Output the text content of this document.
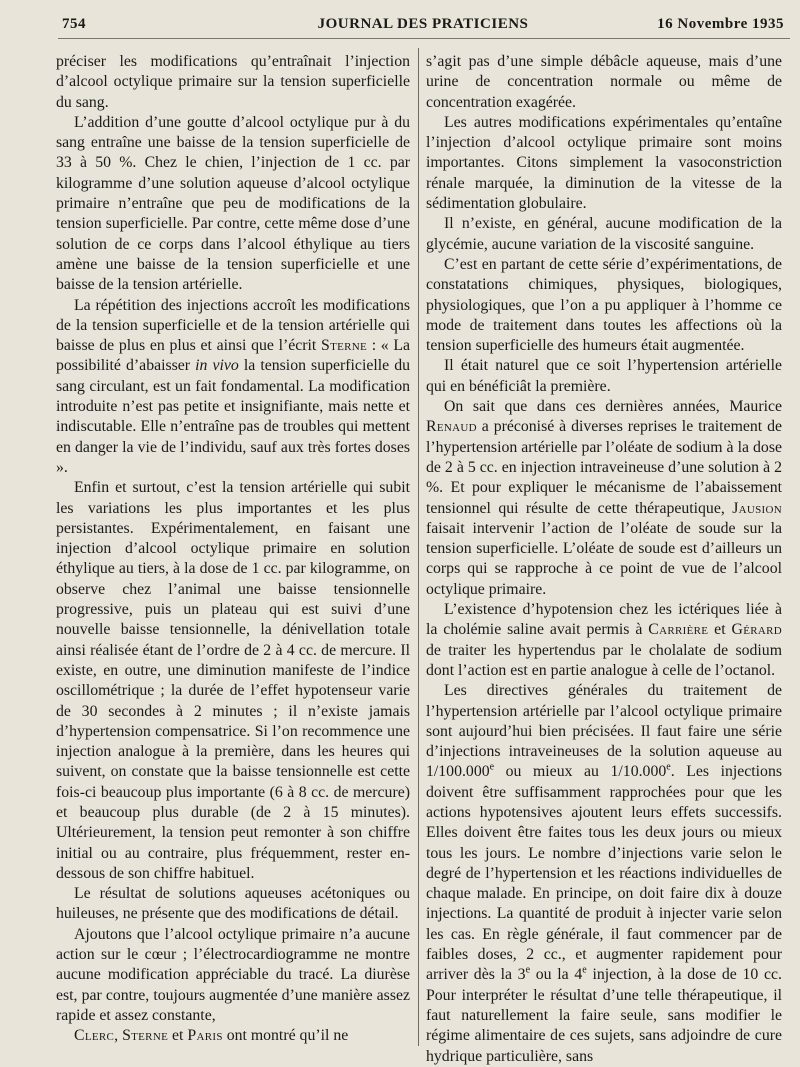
754	JOURNAL DES PRATICIENS	16 Novembre 1935

préciser les modifications qu’entraînait l’injection d’alcool octylique primaire sur la tension superficielle du sang.

L’addition d’une goutte d’alcool octylique pur à du sang entraîne une baisse de la tension superficielle de 33 à 50 %. Chez le chien, l’injection de 1 cc. par kilogramme d’une solution aqueuse d’alcool octylique primaire n’entraîne que peu de modifications de la tension superficielle. Par contre, cette même dose d’une solution de ce corps dans l’alcool éthylique au tiers amène une baisse de la tension superficielle et une baisse de la tension artérielle.

La répétition des injections accroît les modifications de la tension superficielle et de la tension artérielle qui baisse de plus en plus et ainsi que l’écrit Sterne : « La possibilité d’abaisser in vivo la tension superficielle du sang circulant, est un fait fondamental. La modification introduite n’est pas petite et insignifiante, mais nette et indiscutable. Elle n’entraîne pas de troubles qui mettent en danger la vie de l’individu, sauf aux très fortes doses ».

Enfin et surtout, c’est la tension artérielle qui subit les variations les plus importantes et les plus persistantes. Expérimentalement, en faisant une injection d’alcool octylique primaire en solution éthylique au tiers, à la dose de 1 cc. par kilogramme, on observe chez l’animal une baisse tensionnelle progressive, puis un plateau qui est suivi d’une nouvelle baisse tensionnelle, la dénivellation totale ainsi réalisée étant de l’ordre de 2 à 4 cc. de mercure. Il existe, en outre, une diminution manifeste de l’indice oscillométrique ; la durée de l’effet hypotenseur varie de 30 secondes à 2 minutes ; il n’existe jamais d’hypertension compensatrice. Si l’on recommence une injection analogue à la première, dans les heures qui suivent, on constate que la baisse tensionnelle est cette fois-ci beaucoup plus importante (6 à 8 cc. de mercure) et beaucoup plus durable (de 2 à 15 minutes). Ultérieurement, la tension peut remonter à son chiffre initial ou au contraire, plus fréquemment, rester en-dessous de son chiffre habituel.

Le résultat de solutions aqueuses acétoniques ou huileuses, ne présente que des modifications de détail.

Ajoutons que l’alcool octylique primaire n’a aucune action sur le cœur ; l’électrocardiogramme ne montre aucune modification appréciable du tracé. La diurèse est, par contre, toujours augmentée d’une manière assez rapide et assez constante,

Clerc, Sterne et Paris ont montré qu’il ne

s’agit pas d’une simple débâcle aqueuse, mais d’une urine de concentration normale ou même de concentration exagérée.

Les autres modifications expérimentales qu’entaîne l’injection d’alcool octylique primaire sont moins importantes. Citons simplement la vasoconstriction rénale marquée, la diminution de la vitesse de la sédimentation globulaire.

Il n’existe, en général, aucune modification de la glycémie, aucune variation de la viscosité sanguine.

C’est en partant de cette série d’expérimentations, de constatations chimiques, physiques, biologiques, physiologiques, que l’on a pu appliquer à l’homme ce mode de traitement dans toutes les affections où la tension superficielle des humeurs était augmentée.

Il était naturel que ce soit l’hypertension artérielle qui en bénéficiât la première.

On sait que dans ces dernières années, Maurice Renaud a préconisé à diverses reprises le traitement de l’hypertension artérielle par l’oléate de sodium à la dose de 2 à 5 cc. en injection intraveineuse d’une solution à 2 %. Et pour expliquer le mécanisme de l’abaissement tensionnel qui résulte de cette thérapeutique, Jausion faisait intervenir l’action de l’oléate de soude sur la tension superficielle. L’oléate de soude est d’ailleurs un corps qui se rapproche à ce point de vue de l’alcool octylique primaire.

L’existence d’hypotension chez les ictériques liée à la cholémie saline avait permis à Carrière et Gérard de traiter les hypertendus par le cholalate de sodium dont l’action est en partie analogue à celle de l’octanol.

Les directives générales du traitement de l’hypertension artérielle par l’alcool octylique primaire sont aujourd’hui bien précisées. Il faut faire une série d’injections intraveineuses de la solution aqueuse au 1/100.000e ou mieux au 1/10.000e. Les injections doivent être suffisamment rapprochées pour que les actions hypotensives ajoutent leurs effets successifs. Elles doivent être faites tous les deux jours ou mieux tous les jours. Le nombre d’injections varie selon le degré de l’hypertension et les réactions individuelles de chaque malade. En principe, on doit faire dix à douze injections. La quantité de produit à injecter varie selon les cas. En règle générale, il faut commencer par de faibles doses, 2 cc., et augmenter rapidement pour arriver dès la 3e ou la 4e injection, à la dose de 10 cc. Pour interpréter le résultat d’une telle thérapeutique, il faut naturellement la faire seule, sans modifier le régime alimentaire de ces sujets, sans adjoindre de cure hydrique particulière, sans
